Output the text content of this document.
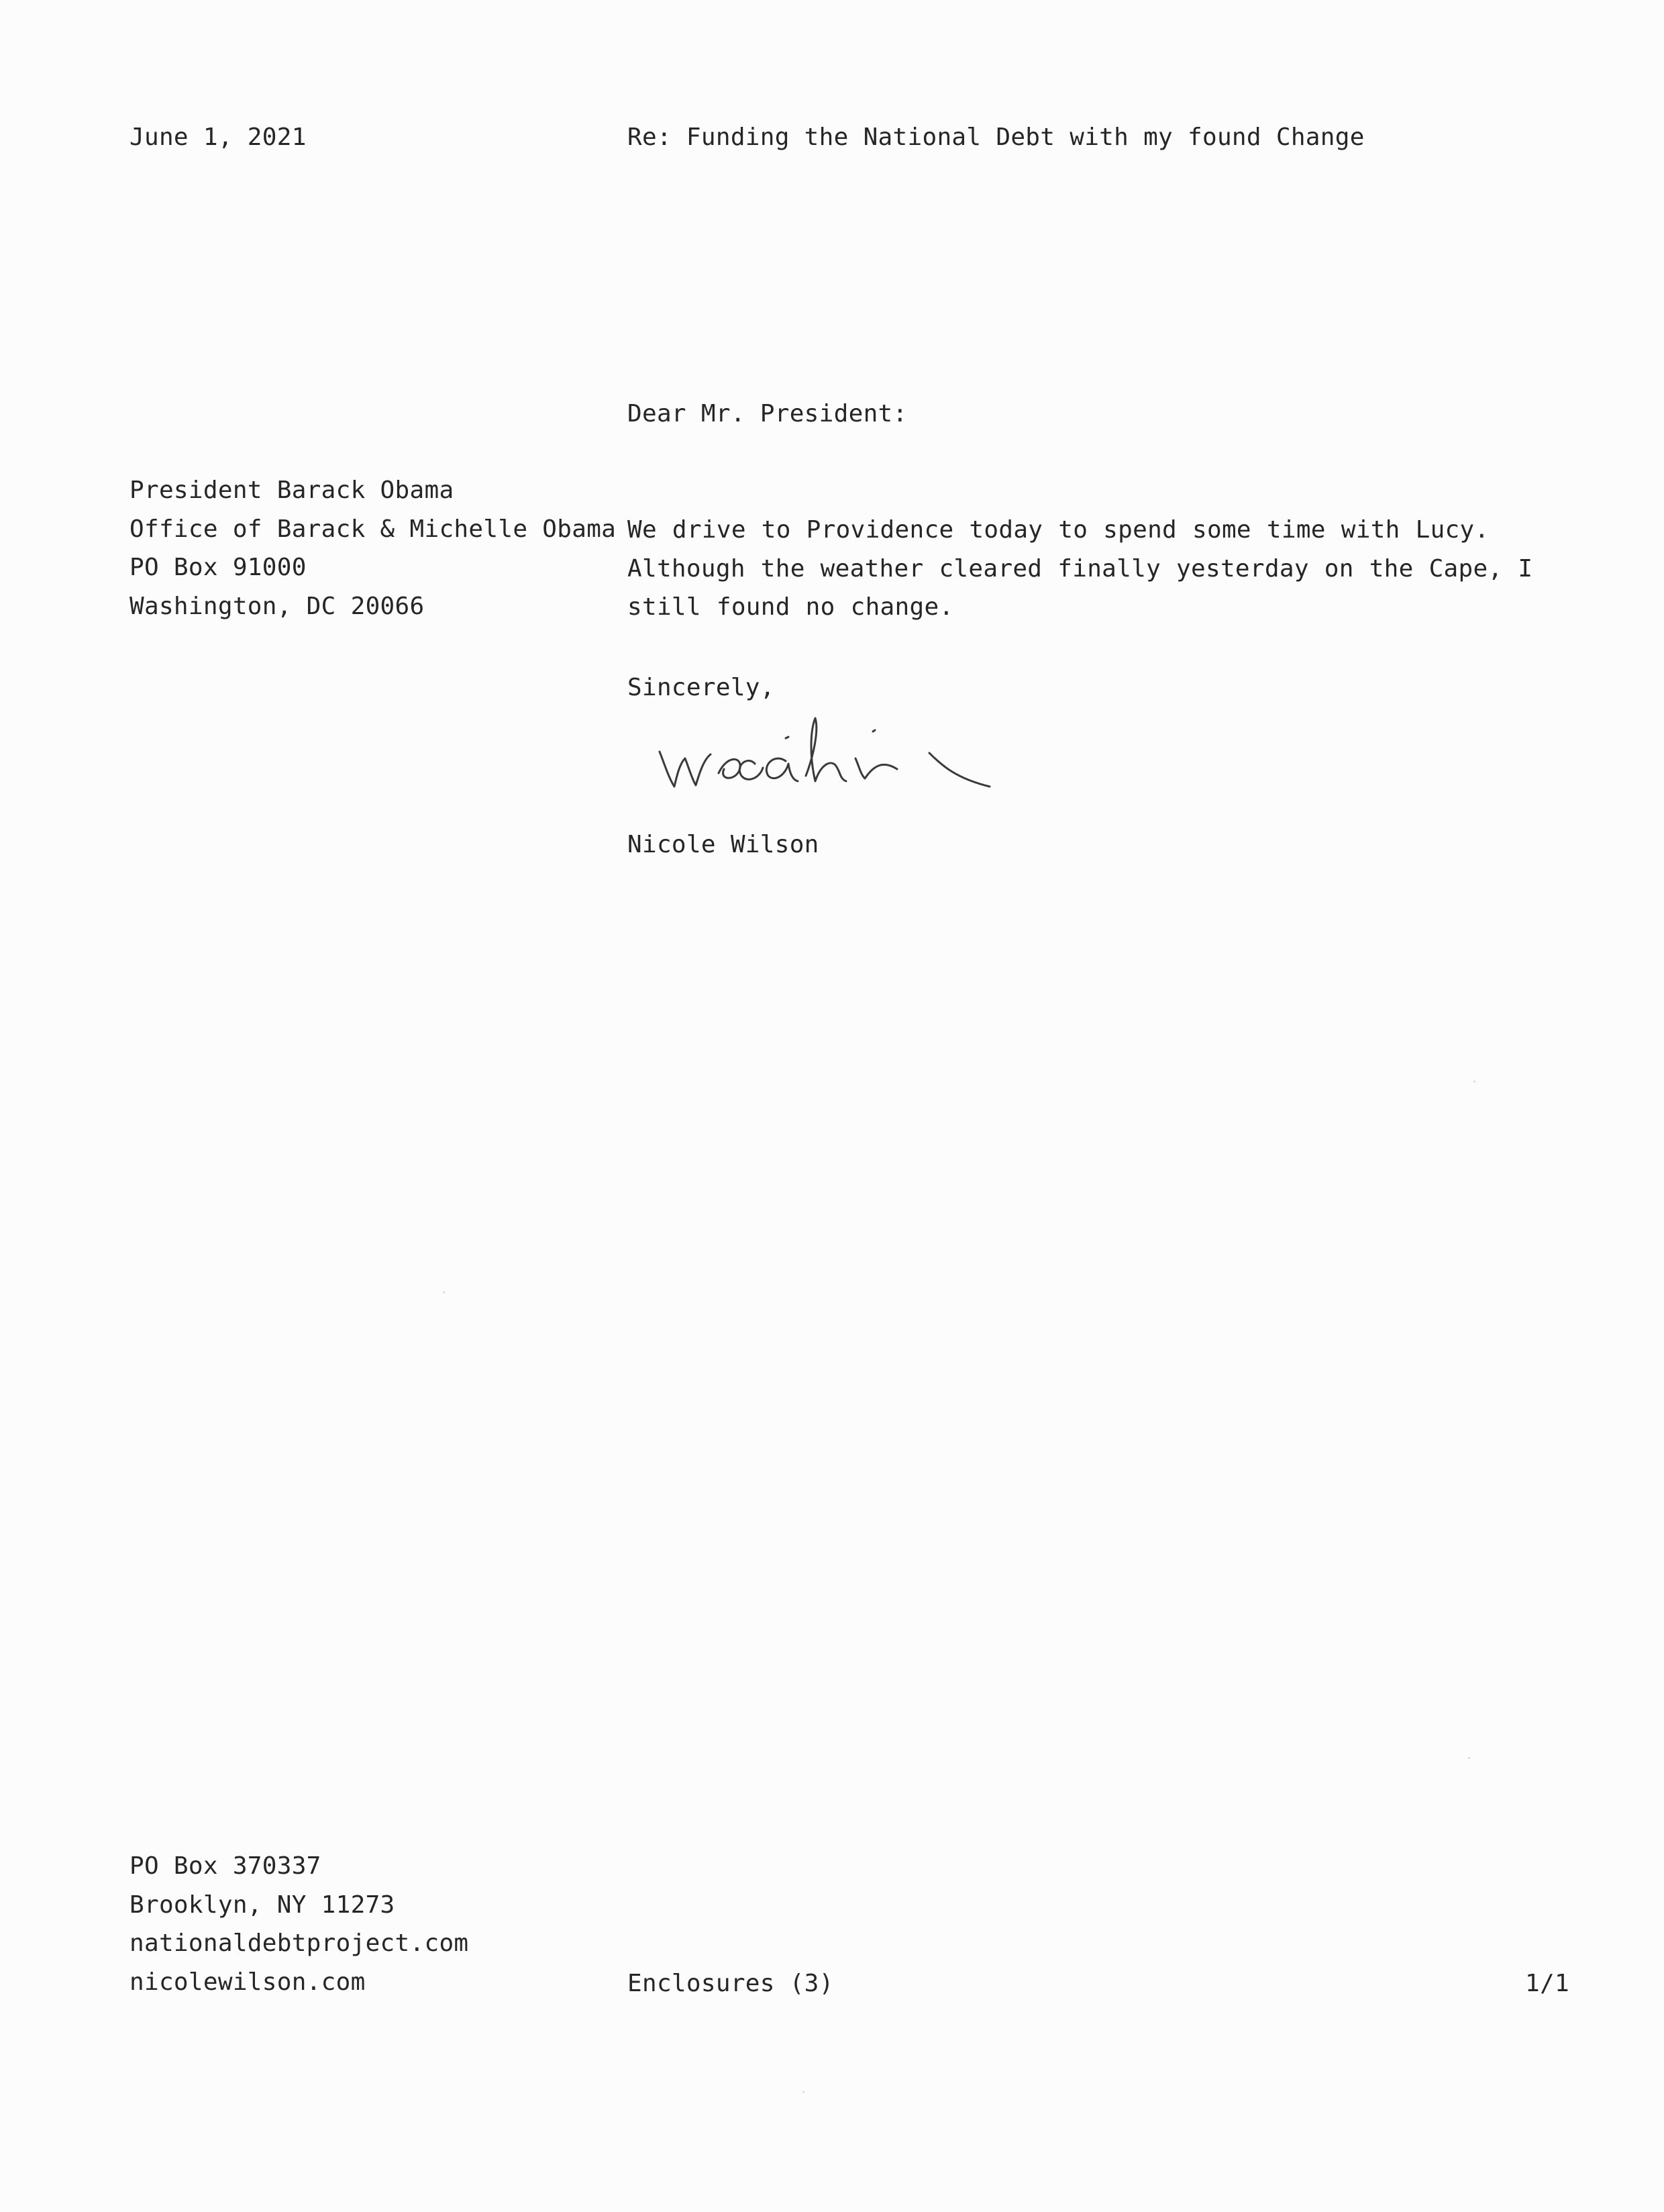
June 1, 2021	Re: Funding the National Debt with my found Change

Dear Mr. President:

President Barack Obama
Office of Barack & Michelle Obama
PO Box 91000
Washington, DC 20066

We drive to Providence today to spend some time with Lucy. Although the weather cleared finally yesterday on the Cape, I still found no change.

Sincerely,

Nicole Wilson

PO Box 370337
Brooklyn, NY 11273
nationaldebtproject.com
nicolewilson.com	Enclosures (3)	1/1
